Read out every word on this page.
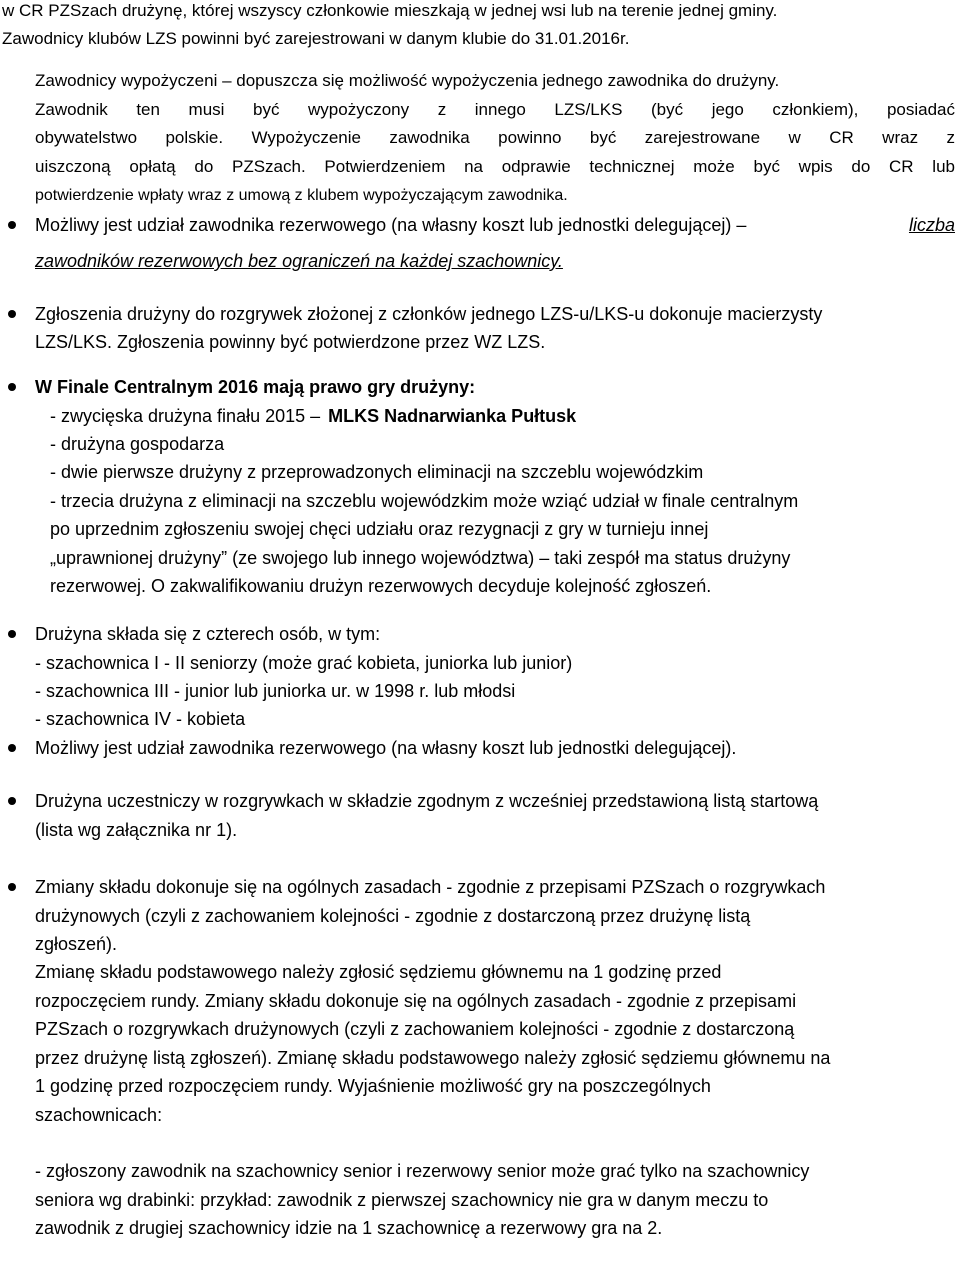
w CR PZSzach drużynę, której wszyscy członkowie mieszkają w jednej wsi lub na terenie jednej gminy.
Zawodnicy klubów LZS powinni być zarejestrowani w danym klubie do 31.01.2016r.
Zawodnicy wypożyczeni – dopuszcza się możliwość wypożyczenia jednego zawodnika do drużyny.
Zawodnik ten musi być wypożyczony z innego LZS/LKS (być jego członkiem), posiadać
obywatelstwo polskie. Wypożyczenie zawodnika powinno być zarejestrowane w CR wraz z
uiszczoną opłatą do PZSzach. Potwierdzeniem na odprawie technicznej może być wpis do CR lub
potwierdzenie wpłaty wraz z umową z klubem wypożyczającym zawodnika.
Możliwy jest udział zawodnika rezerwowego (na własny koszt lub jednostki delegującej) –	liczba
zawodników rezerwowych bez ograniczeń na każdej szachownicy.
Zgłoszenia drużyny do rozgrywek złożonej z członków jednego LZS-u/LKS-u dokonuje macierzysty
LZS/LKS. Zgłoszenia powinny być potwierdzone przez WZ LZS.
W Finale Centralnym 2016 mają prawo gry drużyny:
- zwycięska drużyna finału 2015 – MLKS Nadnarwianka Pułtusk
- drużyna gospodarza
- dwie pierwsze drużyny z przeprowadzonych eliminacji na szczeblu wojewódzkim
- trzecia drużyna z eliminacji na szczeblu wojewódzkim może wziąć udział w finale centralnym
po uprzednim zgłoszeniu swojej chęci udziału oraz rezygnacji z gry w turnieju innej
„uprawnionej drużyny” (ze swojego lub innego województwa) – taki zespół ma status drużyny
rezerwowej. O zakwalifikowaniu drużyn rezerwowych decyduje kolejność zgłoszeń.
Drużyna składa się z czterech osób, w tym:
- szachownica I - II seniorzy (może grać kobieta, juniorka lub junior)
- szachownica III - junior lub juniorka ur. w 1998 r. lub młodsi
- szachownica IV - kobieta
Możliwy jest udział zawodnika rezerwowego (na własny koszt lub jednostki delegującej).
Drużyna uczestniczy w rozgrywkach w składzie zgodnym z wcześniej przedstawioną listą startową
(lista wg załącznika nr 1).
Zmiany składu dokonuje się na ogólnych zasadach - zgodnie z przepisami PZSzach o rozgrywkach
drużynowych (czyli z zachowaniem kolejności - zgodnie z dostarczoną przez drużynę listą
zgłoszeń).
Zmianę składu podstawowego należy zgłosić sędziemu głównemu na 1 godzinę przed
rozpoczęciem rundy. Zmiany składu dokonuje się na ogólnych zasadach - zgodnie z przepisami
PZSzach o rozgrywkach drużynowych (czyli z zachowaniem kolejności - zgodnie z dostarczoną
przez drużynę listą zgłoszeń). Zmianę składu podstawowego należy zgłosić sędziemu głównemu na
1 godzinę przed rozpoczęciem rundy. Wyjaśnienie możliwość gry na poszczególnych
szachownicach:
- zgłoszony zawodnik na szachownicy senior i rezerwowy senior może grać tylko na szachownicy
seniora wg drabinki: przykład: zawodnik z pierwszej szachownicy nie gra w danym meczu to
zawodnik z drugiej szachownicy idzie na 1 szachownicę a rezerwowy gra na 2.
